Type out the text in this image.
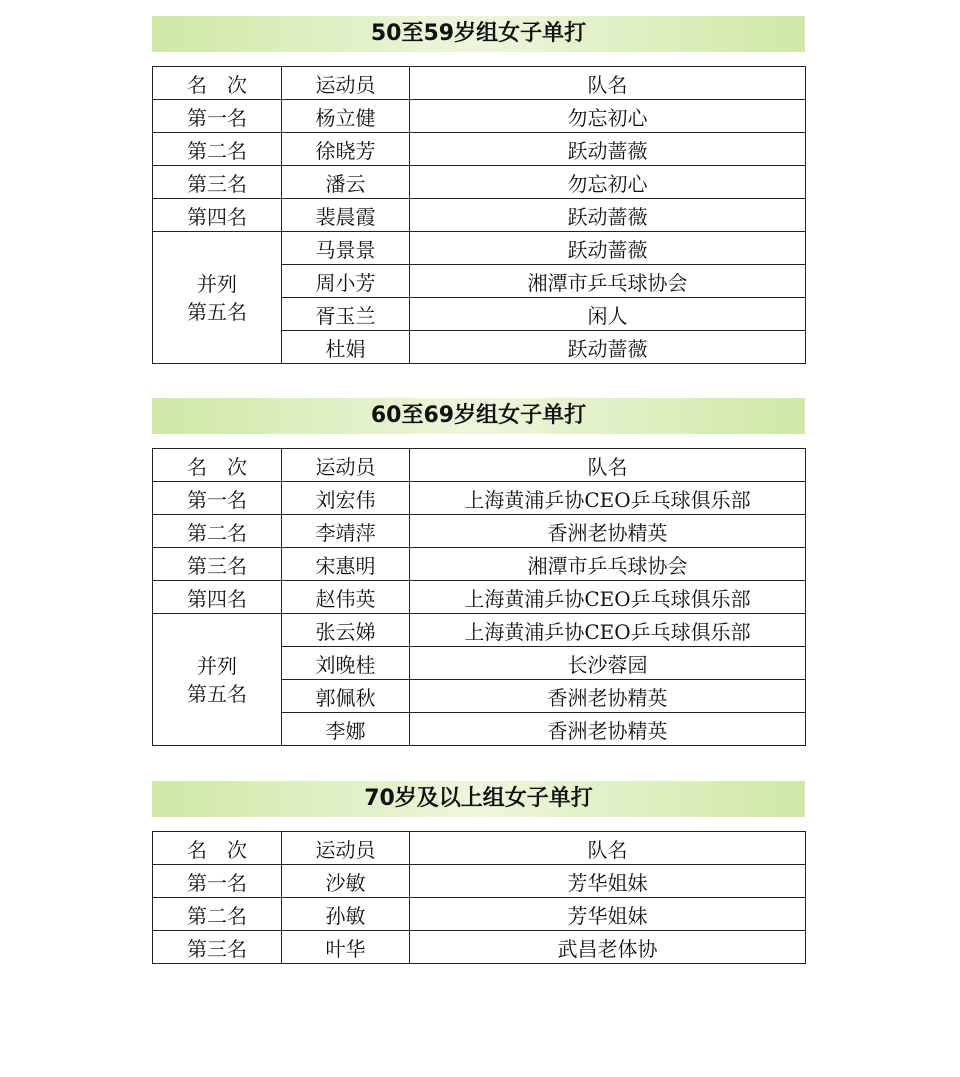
50至59岁组女子单打
名　次	运动员	队名
第一名	杨立健	勿忘初心
第二名	徐晓芳	跃动蔷薇
第三名	潘云	勿忘初心
第四名	裴晨霞	跃动蔷薇

并列
第五名	马景景	跃动蔷薇
	周小芳	湘潭市乒乓球协会
	胥玉兰	闲人
	杜娟	跃动蔷薇
60至69岁组女子单打
名　次	运动员	队名
第一名	刘宏伟	上海黄浦乒协CEO乒乓球俱乐部
第二名	李靖萍	香洲老协精英
第三名	宋惠明	湘潭市乒乓球协会
第四名	赵伟英	上海黄浦乒协CEO乒乓球俱乐部

并列
第五名	张云娣	上海黄浦乒协CEO乒乓球俱乐部
	刘晚桂	长沙蓉园
	郭佩秋	香洲老协精英
	李娜	香洲老协精英
70岁及以上组女子单打
名　次	运动员	队名
第一名	沙敏	芳华姐妹
第二名	孙敏	芳华姐妹
第三名	叶华	武昌老体协
